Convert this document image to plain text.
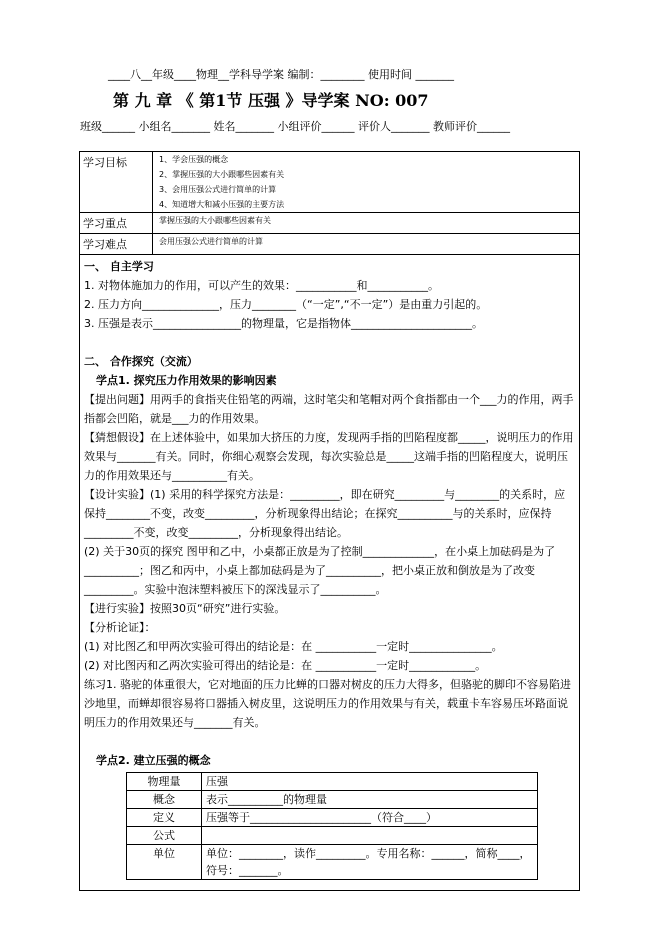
____八__年级____物理__学科导学案 编制：________ 使用时间 _______
第 九 章 《 第1节 压强 》导学案 NO: 007
班级______ 小组名_______ 姓名_______ 小组评价______ 评价人_______ 教师评价______
学习目标	1、学会压强的概念
2、掌握压强的大小跟哪些因素有关
3、会用压强公式进行简单的计算
4、知道增大和减小压强的主要方法

学习重点	掌握压强的大小跟哪些因素有关
学习难点	会用压强公式进行简单的计算

一、 自主学习

1. 对物体施加力的作用，可以产生的效果：___________和___________。

2. 压力方向______________，压力________（“一定”,“不一定”）是由重力引起的。

3. 压强是表示________________的物理量，它是指物体______________________。

二、 合作探究（交流）

学点1. 探究压力作用效果的影响因素

【提出问题】用两手的食指夹住铅笔的两端，这时笔尖和笔帽对两个食指都由一个___力的作用，两手指都会凹陷，就是___力的作用效果。

【猜想假设】在上述体验中，如果加大挤压的力度，发现两手指的凹陷程度都_____，说明压力的作用效果与_______有关。同时，你细心观察会发现，每次实验总是_____这端手指的凹陷程度大，说明压力的作用效果还与__________有关。

【设计实验】(1) 采用的科学探究方法是：_________，即在研究_________与________的关系时，应保持________不变，改变_________，分析现象得出结论；在探究__________与的关系时，应保持_________不变，改变_________，分析现象得出结论。

(2) 关于30页的探究 图甲和乙中，小桌都正放是为了控制_____________，在小桌上加砝码是为了__________；图乙和丙中，小桌上都加砝码是为了__________，把小桌正放和倒放是为了改变_________。实验中泡沫塑料被压下的深浅显示了__________。

【进行实验】按照30页“研究”进行实验。

【分析论证】：

(1) 对比图乙和甲两次实验可得出的结论是：在 ___________一定时_______________。

(2) 对比图丙和乙两次实验可得出的结论是：在 ___________一定时____________。

练习1. 骆驼的体重很大，它对地面的压力比蝉的口器对树皮的压力大得多，但骆驼的脚印不容易陷进沙地里，而蝉却很容易将口器插入树皮里，这说明压力的作用效果与有关，载重卡车容易压坏路面说明压力的作用效果还与_______有关。

学点2. 建立压强的概念

物理量	压强
概念	表示__________的物理量
定义	压强等于______________________（符合____）
公式	
单位	单位：________，读作_________。专用名称：______，简称____，符号：_______。
